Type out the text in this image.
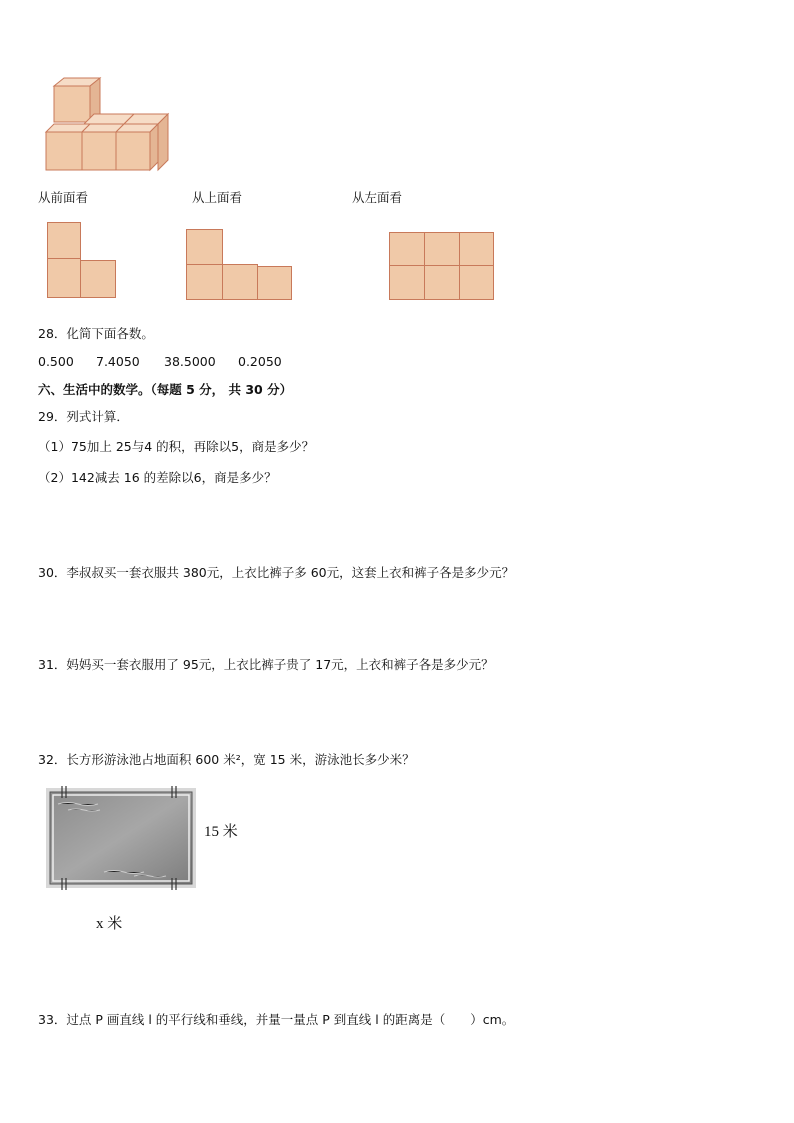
从前面看	从上面看	从左面看
28．化简下面各数。
0.500 7.4050 38.5000 0.2050
六、生活中的数学。（每题 5 分， 共 30 分）
29．列式计算．
（1）75加上 25与4 的积，再除以5，商是多少？
（2）142减去 16 的差除以6，商是多少？
30．李叔叔买一套衣服共 380元，上衣比裤子多 60元，这套上衣和裤子各是多少元？
31．妈妈买一套衣服用了 95元，上衣比裤子贵了 17元，上衣和裤子各是多少元？
32．长方形游泳池占地面积 600 米²，宽 15 米，游泳池长多少米？
15 米
x 米
33．过点 P 画直线 l 的平行线和垂线，并量一量点 P 到直线 l 的距离是（　　）cm。
